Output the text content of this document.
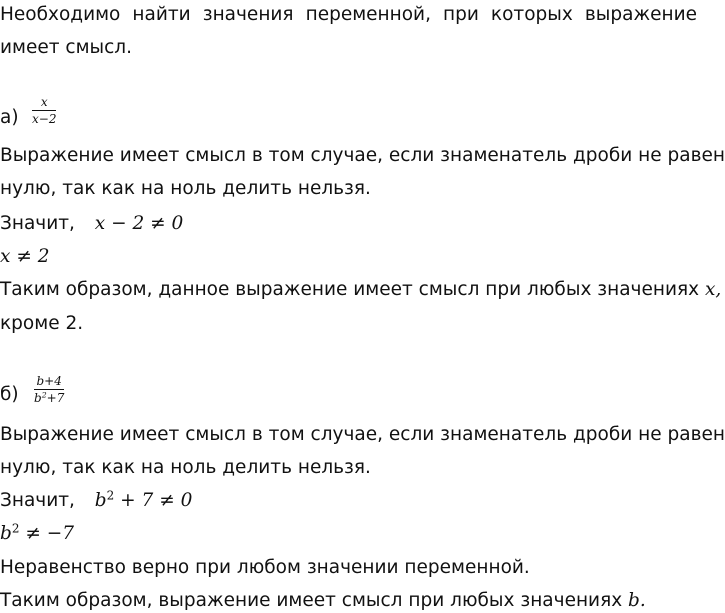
Необходимо найти значения переменной, при которых выражение
имеет смысл.
а)
x
x−2
Выражение имеет смысл в том случае, если знаменатель дроби не равен
нулю, так как на ноль делить нельзя.
Значит, x − 2 ≠ 0
x ≠ 2
Таким образом, данное выражение имеет смысл при любых значениях x,
кроме 2.
б)
b+4
$b^2+7$
Выражение имеет смысл в том случае, если знаменатель дроби не равен
нулю, так как на ноль делить нельзя.
Значит, $b^2 + 7 \ne 0$
$b^2 \ne -7$
Неравенство верно при любом значении переменной.
Таким образом, выражение имеет смысл при любых значениях b.
